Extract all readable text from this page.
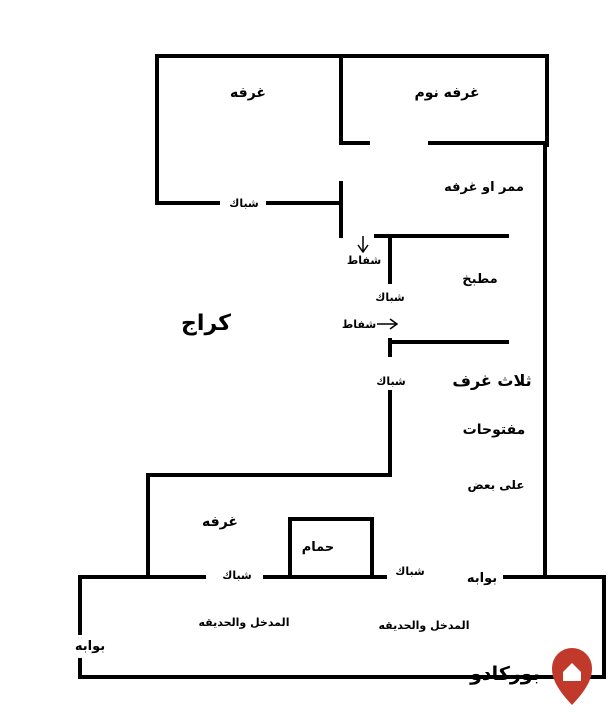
غرفه	غرفه نوم
ممر او غرفه
شباك
شفاط
مطبخ
شباك
كراج	شفاط
شباك	ثلاث غرف
مفتوحات
على بعض
غرفه
حمام
شباك	شباك	بوابه
المدخل والحديقه	المدخل والحديقه
بوابه
بوركادو
